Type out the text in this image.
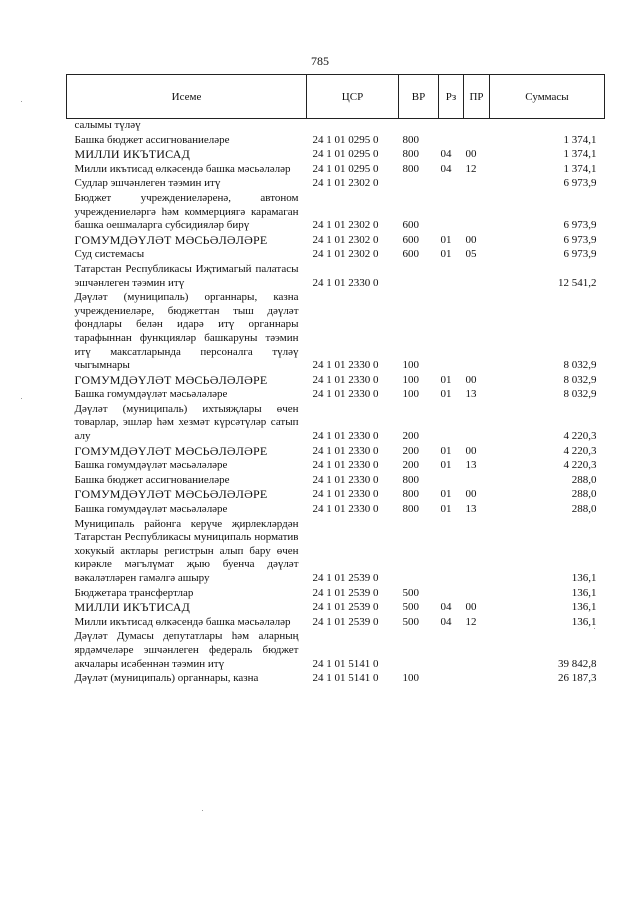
785
Исеме	ЦСР	ВР	Рз	ПР	Суммасы
салымы түләү					
Башка бюджет ассигнованиеләре	24 1 01 0295 0	800			1 374,1
МИЛЛИ ИКЪТИСАД	24 1 01 0295 0	800	04	00	1 374,1
Милли икътисад өлкәсендә башка мәсьәләләр	24 1 01 0295 0	800	04	12	1 374,1
Судлар эшчәнлеген тәэмин итү	24 1 01 2302 0				6 973,9
Бюджет учреждениеләренә, автоном учреждениеләргә һәм коммерциягә карамаган башка оешмаларга субсидияләр бирү	24 1 01 2302 0	600			6 973,9
ГОМУМДӘҮЛӘТ МӘСЬӘЛӘЛӘРЕ	24 1 01 2302 0	600	01	00	6 973,9
Суд системасы	24 1 01 2302 0	600	01	05	6 973,9
Татарстан Республикасы Иҗтимагый палатасы эшчәнлеген тәэмин итү	24 1 01 2330 0				12 541,2
Дәүләт (муниципаль) органнары, казна учреждениеләре, бюджеттан тыш дәүләт фондлары белән идарә итү органнары тарафыннан функцияләр башкаруны тәэмин итү максатларында персоналга түләү чыгымнары	24 1 01 2330 0	100			8 032,9
ГОМУМДӘҮЛӘТ МӘСЬӘЛӘЛӘРЕ	24 1 01 2330 0	100	01	00	8 032,9
Башка гомумдәүләт мәсьәләләре	24 1 01 2330 0	100	01	13	8 032,9
Дәүләт (муниципаль) ихтыяҗлары өчен товарлар, эшләр һәм хезмәт күрсәтүләр сатып алу	24 1 01 2330 0	200			4 220,3
ГОМУМДӘҮЛӘТ МӘСЬӘЛӘЛӘРЕ	24 1 01 2330 0	200	01	00	4 220,3
Башка гомумдәүләт мәсьәләләре	24 1 01 2330 0	200	01	13	4 220,3
Башка бюджет ассигнованиеләре	24 1 01 2330 0	800			288,0
ГОМУМДӘҮЛӘТ МӘСЬӘЛӘЛӘРЕ	24 1 01 2330 0	800	01	00	288,0
Башка гомумдәүләт мәсьәләләре	24 1 01 2330 0	800	01	13	288,0
Муниципаль районга керүче җирлекләрдән Татарстан Республикасы муниципаль норматив хокукый актлары регистрын алып бару өчен кирәкле мәгълүмат җыю буенча дәүләт вәкаләтләрен гамәлгә ашыру	24 1 01 2539 0				136,1
Бюджетара трансфертлар	24 1 01 2539 0	500			136,1
МИЛЛИ ИКЪТИСАД	24 1 01 2539 0	500	04	00	136,1
Милли икътисад өлкәсендә башка мәсьәләләр	24 1 01 2539 0	500	04	12	136,1
Дәүләт Думасы депутатлары һәм аларның ярдәмчеләре эшчәнлеген федераль бюджет акчалары исәбеннән тәэмин итү	24 1 01 5141 0				39 842,8
Дәүләт (муниципаль) органнары, казна	24 1 01 5141 0	100			26 187,3
